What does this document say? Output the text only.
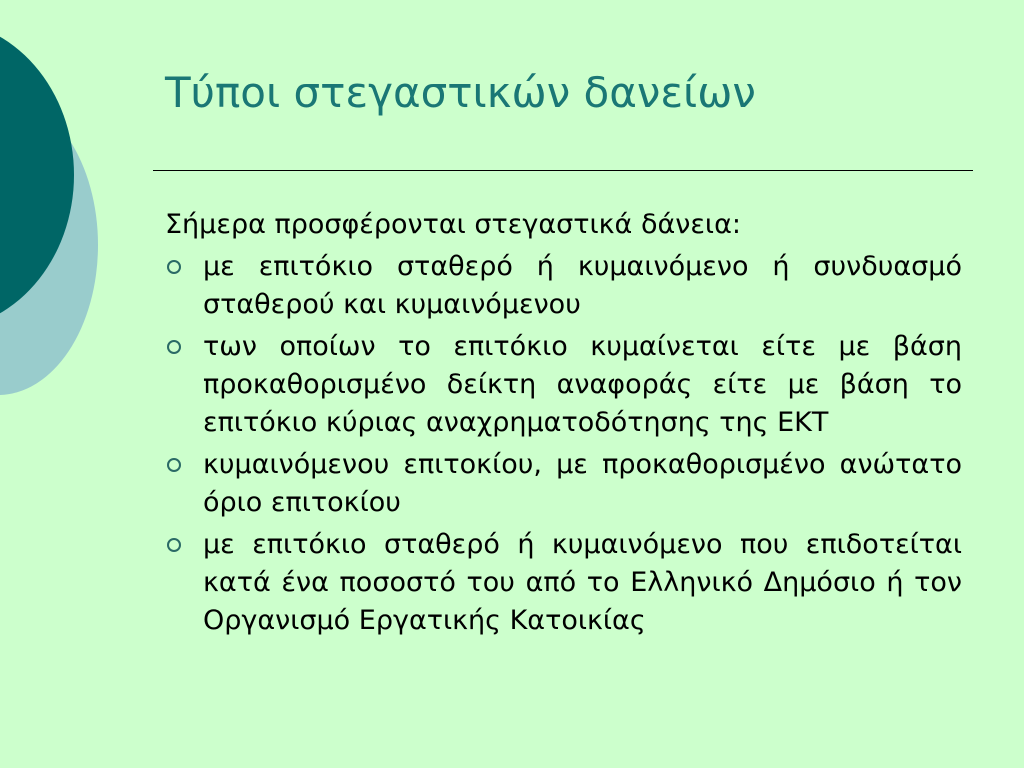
Τύποι στεγαστικών δανείων

Σήμερα προσφέρονται στεγαστικά δάνεια:

με επιτόκιο σταθερό ή κυμαινόμενο ή συνδυασμό σταθερού και κυμαινόμενου
των οποίων το επιτόκιο κυμαίνεται είτε με βάση προκαθορισμένο δείκτη αναφοράς είτε με βάση το επιτόκιο κύριας αναχρηματοδότησης της ΕΚΤ
κυμαινόμενου επιτοκίου, με προκαθορισμένο ανώτατο όριο επιτοκίου
με επιτόκιο σταθερό ή κυμαινόμενο που επιδοτείται κατά ένα ποσοστό του από το Ελληνικό Δημόσιο ή τον Οργανισμό Εργατικής Κατοικίας
